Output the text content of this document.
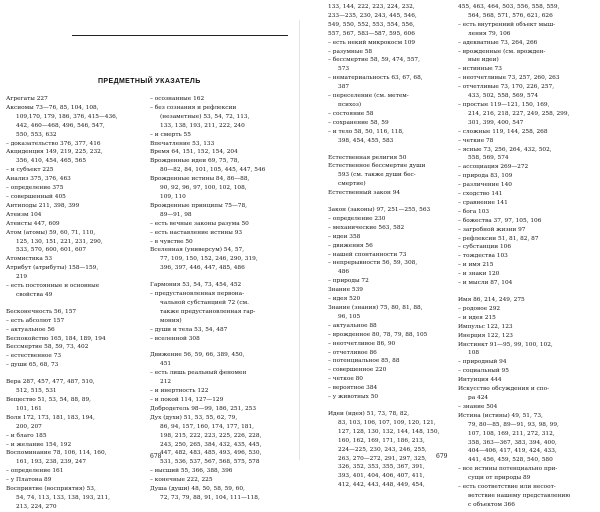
ПРЕДМЕТНЫЙ УКАЗАТЕЛЬ
Агрегаты 227
Аксиомы 73—76, 85, 104, 108,
109,170, 179, 186, 376, 415—436,
442, 460—468, 496, 546, 547,
550, 553, 632
– доказательство 376, 377, 416
Акциденция 149, 219, 225, 232,
356, 410, 454, 465, 565
– и субъект 225
Анализ 375, 376, 463
– определение 375
– совершенный 405
Антиподы 211, 398, 399
Атеизм 104
Атеисты 447, 609
Атом (атомы) 59, 60, 71, 110,
125, 130, 151, 221, 231, 290,
533, 570, 600, 601, 607
Атомистика 53
Атрибут (атрибуты) 158—159,
219
– есть постоянные и основные
свойства 49
Бесконечность 56, 157
– есть абсолют 157
– актуальное 56
Беспокойство 165, 184, 189, 194
Бессмертие 58, 59, 73, 402
– естественное 73
– души 65, 68, 73
Вера 287, 457, 477, 487, 510,
512, 515, 531
Вещество 51, 53, 54, 88, 89,
101, 161
Воля 172, 173, 181, 183, 194,
200, 207
– и благо 185
– и желание 154, 192
Воспоминание 78, 106, 114, 160,
161, 193, 238, 239, 247
– определение 161
– у Платона 89
Восприятие (восприятия) 53,
54, 74, 113, 133, 138, 193, 211,
213, 224, 270
– осознанные 162
– без сознания и рефлексии
(незаметные) 53, 54, 72, 113,
133, 138, 193, 211, 222, 240
– и смерть 55
Впечатление 53, 133
Время 64, 151, 152, 154, 204
Врожденные идеи 69, 75, 78,
80—82, 84, 101, 105, 445, 447, 546
Врожденные истины 84, 86—88,
90, 92, 96, 97, 100, 102, 108,
109, 110
Врожденные принципы 75—78,
89—91, 98
– есть вечные законы разума 50
– есть наставление истины 93
– в чувстве 50
Вселенная (универсум) 54, 57,
77, 109, 150, 152, 246, 290, 319,
396, 397, 446, 447, 485, 486
Гармония 53, 54, 73, 454, 452
– предустановленная первона-
чальной субстанцией 72 (см.
также предустановленная гар-
мония)
– души и тела 53, 54, 487
– вселенной 308
Движение 56, 59, 66, 389, 450,
451
– есть лишь реальный феномен
212
– и инертность 122
– и покой 114, 127—129
Добродетель 98—99, 186, 251, 253
Дух (духи) 51, 53, 55, 62, 79,
86, 94, 157, 160, 174, 177, 181,
198, 215, 222, 223, 225, 226, 228,
243, 250, 265, 384, 432, 435, 445,
447, 482, 483, 485, 493, 496, 530,
531, 536, 537, 567, 568, 575, 578
– высший 55, 366, 388, 396
– конечные 222, 225
Душа (души) 48, 50, 58, 59, 60,
72, 73, 79, 88, 91, 104, 111—118,
678
133, 144, 222, 223, 224, 232,
233—235, 230, 243, 445, 546,
549, 550, 552, 553, 554, 556,
557, 567, 583—587, 595, 606
– есть некий микрокосм 109
– разумные 58
– бессмертие 58, 59, 474, 557,
573
– нематериальность 63, 67, 68,
387
– переселение (см. метем-
психоз)
– состояние 58
– сохранение 58, 59
– и тело 58, 50, 116, 118,
398, 454, 455, 583
Естественная религия 50
Естественное бессмертие души
593 (см. также души бес-
смертие)
Естественный закон 94
Закон (законы) 97, 251—255, 563
– определение 230
– механические 563, 582
– идеи 358
– движения 56
– нашей спонтанности 73
– непрерывности 56, 59, 308,
486
– природы 72
Знание 539
– идея 520
Знание (знания) 75, 80, 81, 88,
96, 105
– актуальное 88
– врожденное 80, 78, 79, 88, 105
– неотчетливое 86, 90
– отчетливое 86
– потенциальное 85, 88
– совершенное 220
– четкое 80
– вероятное 384
– у животных 50
Идеи (идея) 51, 73, 78, 82,
83, 103, 106, 107, 109, 120, 121,
127, 128, 130, 132, 144, 148, 150,
160, 162, 169, 171, 186, 213,
224—225, 230, 243, 246, 255,
263, 270—272, 291, 297, 325,
326, 352, 353, 355, 367, 391,
393, 401, 404, 406, 407, 411,
412, 442, 443, 448, 449, 454,
455, 463, 464, 503, 556, 558, 559,
564, 568, 571, 576, 621, 626
– есть внутренний объект мыш-
ления 79, 106
– адекватные 73, 264, 266
– врожденные (см. врожден-
ные идеи)
– истинные 73
– неотчетливые 73, 257, 260, 263
– отчетливые 73, 170, 226, 257,
433, 502, 558, 569, 574
– простые 119—121, 150, 169,
214, 216, 218, 227, 249, 258, 299,
301, 399, 400, 547
– сложные 119, 144, 258, 268
– четкие 78
– ясные 73, 256, 264, 432, 502,
558, 569, 574
– ассоциация 269—272
– природа 83, 109
– различение 140
– сходство 141
– сравнение 141
– бога 103
– божества 37, 97, 105, 106
– загробной жизни 97
– рефлексии 51, 81, 82, 87
– субстанции 106
– тождества 103
– и имя 215
– и знаки 120
– и мысли 87, 104
Имя 86, 214, 249, 275
– родовое 292
– и идея 215
Импульс 122, 123
Инерция 122, 123
Инстинкт 91—95, 99, 100, 102,
108
– природный 94
– социальный 95
Интуиция 444
Искусство обсуждения и спо-
ра 424
– знание 504
Истина (истины) 49, 51, 73,
79, 80—85, 89—91, 93, 98, 99,
107, 108, 169, 211, 272, 312,
358, 363—367, 383, 394, 400,
404—406, 417, 419, 424, 433,
441, 456, 459, 528, 540, 580
– все истины потенциально при-
сущи от природы 89
– есть соответствие или несоот-
ветствие нашему представлению
с объектом 366
679
